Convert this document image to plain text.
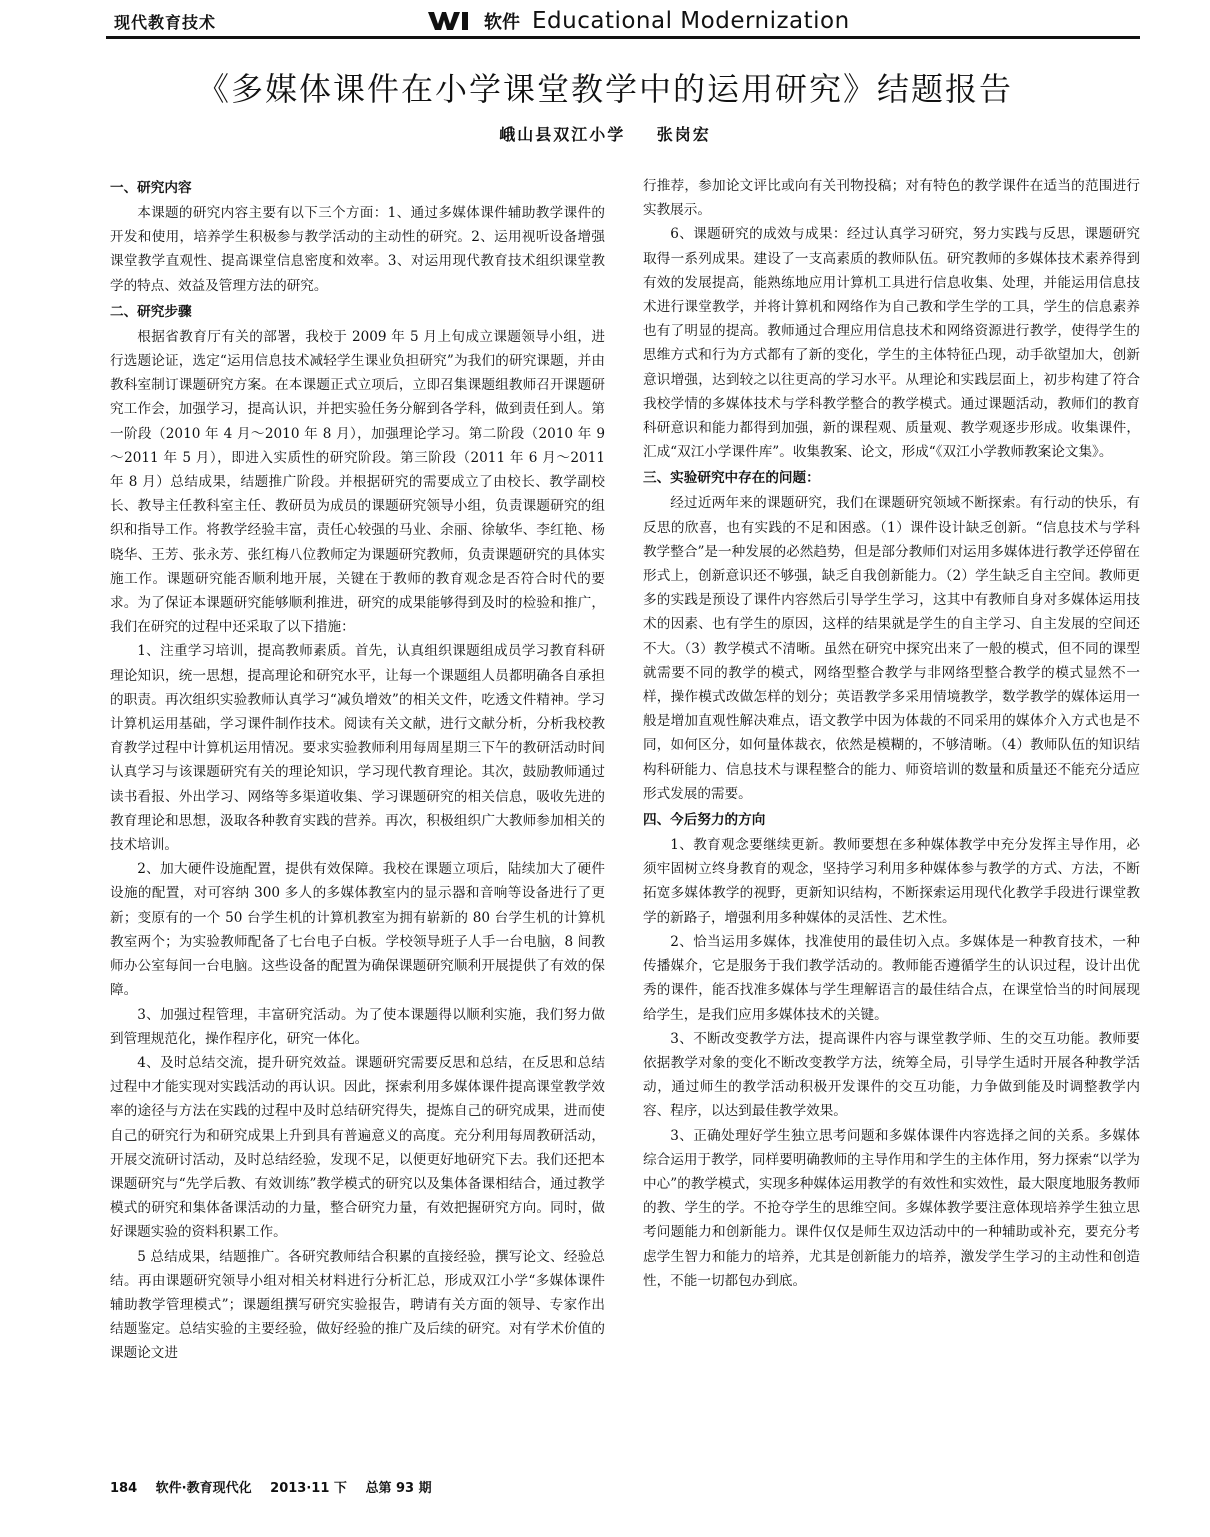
现代教育技术	软件 Educational Modernization
《多媒体课件在小学课堂教学中的运用研究》结题报告
峨山县双江小学 张岗宏
一、研究内容

本课题的研究内容主要有以下三个方面：1、通过多媒体课件辅助教学课件的开发和使用，培养学生积极参与教学活动的主动性的研究。2、运用视听设备增强课堂教学直观性、提高课堂信息密度和效率。3、对运用现代教育技术组织课堂教学的特点、效益及管理方法的研究。

二、研究步骤

根据省教育厅有关的部署，我校于 2009 年 5 月上旬成立课题领导小组，进行选题论证，选定“运用信息技术减轻学生课业负担研究”为我们的研究课题，并由教科室制订课题研究方案。在本课题正式立项后，立即召集课题组教师召开课题研究工作会，加强学习，提高认识，并把实验任务分解到各学科，做到责任到人。第一阶段（2010 年 4 月～2010 年 8 月），加强理论学习。第二阶段（2010 年 9～2011 年 5 月），即进入实质性的研究阶段。第三阶段（2011 年 6 月～2011 年 8 月）总结成果，结题推广阶段。并根据研究的需要成立了由校长、教学副校长、教导主任教科室主任、教研员为成员的课题研究领导小组，负责课题研究的组织和指导工作。将教学经验丰富，责任心较强的马业、余丽、徐敏华、李红艳、杨晓华、王芳、张永芳、张红梅八位教师定为课题研究教师，负责课题研究的具体实施工作。课题研究能否顺利地开展，关键在于教师的教育观念是否符合时代的要求。为了保证本课题研究能够顺利推进，研究的成果能够得到及时的检验和推广，我们在研究的过程中还采取了以下措施：

1、注重学习培训，提高教师素质。首先，认真组织课题组成员学习教育科研理论知识，统一思想，提高理论和研究水平，让每一个课题组人员都明确各自承担的职责。再次组织实验教师认真学习“减负增效”的相关文件，吃透文件精神。学习计算机运用基础，学习课件制作技术。阅读有关文献，进行文献分析，分析我校教育教学过程中计算机运用情况。要求实验教师利用每周星期三下午的教研活动时间认真学习与该课题研究有关的理论知识，学习现代教育理论。其次，鼓励教师通过读书看报、外出学习、网络等多渠道收集、学习课题研究的相关信息，吸收先进的教育理论和思想，汲取各种教育实践的营养。再次，积极组织广大教师参加相关的技术培训。

2、加大硬件设施配置，提供有效保障。我校在课题立项后，陆续加大了硬件设施的配置，对可容纳 300 多人的多媒体教室内的显示器和音响等设备进行了更新；变原有的一个 50 台学生机的计算机教室为拥有崭新的 80 台学生机的计算机教室两个；为实验教师配备了七台电子白板。学校领导班子人手一台电脑，8 间教师办公室每间一台电脑。这些设备的配置为确保课题研究顺利开展提供了有效的保障。

3、加强过程管理，丰富研究活动。为了使本课题得以顺利实施，我们努力做到管理规范化，操作程序化，研究一体化。

4、及时总结交流，提升研究效益。课题研究需要反思和总结，在反思和总结过程中才能实现对实践活动的再认识。因此，探索利用多媒体课件提高课堂教学效率的途径与方法在实践的过程中及时总结研究得失，提炼自己的研究成果，进而使自己的研究行为和研究成果上升到具有普遍意义的高度。充分利用每周教研活动，开展交流研讨活动，及时总结经验，发现不足，以便更好地研究下去。我们还把本课题研究与“先学后教、有效训练”教学模式的研究以及集体备课相结合，通过教学模式的研究和集体备课活动的力量，整合研究力量，有效把握研究方向。同时，做好课题实验的资料积累工作。

5 总结成果，结题推广。各研究教师结合积累的直接经验，撰写论文、经验总结。再由课题研究领导小组对相关材料进行分析汇总，形成双江小学“多媒体课件辅助教学管理模式”；课题组撰写研究实验报告，聘请有关方面的领导、专家作出结题鉴定。总结实验的主要经验，做好经验的推广及后续的研究。对有学术价值的课题论文进

行推荐，参加论文评比或向有关刊物投稿；对有特色的教学课件在适当的范围进行实教展示。

6、课题研究的成效与成果：经过认真学习研究，努力实践与反思，课题研究取得一系列成果。建设了一支高素质的教师队伍。研究教师的多媒体技术素养得到有效的发展提高，能熟练地应用计算机工具进行信息收集、处理，并能运用信息技术进行课堂教学，并将计算机和网络作为自己教和学生学的工具，学生的信息素养也有了明显的提高。教师通过合理应用信息技术和网络资源进行教学，使得学生的思维方式和行为方式都有了新的变化，学生的主体特征凸现，动手欲望加大，创新意识增强，达到较之以往更高的学习水平。从理论和实践层面上，初步构建了符合我校学情的多媒体技术与学科教学整合的教学模式。通过课题活动，教师们的教育科研意识和能力都得到加强，新的课程观、质量观、教学观逐步形成。收集课件，汇成“双江小学课件库”。收集教案、论文，形成“《双江小学教师教案论文集》。

三、实验研究中存在的问题：

经过近两年来的课题研究，我们在课题研究领域不断探索。有行动的快乐，有反思的欣喜，也有实践的不足和困惑。（1）课件设计缺乏创新。“信息技术与学科教学整合”是一种发展的必然趋势，但是部分教师们对运用多媒体进行教学还停留在形式上，创新意识还不够强，缺乏自我创新能力。（2）学生缺乏自主空间。教师更多的实践是预设了课件内容然后引导学生学习，这其中有教师自身对多媒体运用技术的因素、也有学生的原因，这样的结果就是学生的自主学习、自主发展的空间还不大。（3）教学模式不清晰。虽然在研究中探究出来了一般的模式，但不同的课型就需要不同的教学的模式，网络型整合教学与非网络型整合教学的模式显然不一样，操作模式改做怎样的划分；英语教学多采用情境教学，数学教学的媒体运用一般是增加直观性解决难点，语文教学中因为体裁的不同采用的媒体介入方式也是不同，如何区分，如何量体裁衣，依然是模糊的，不够清晰。（4）教师队伍的知识结构科研能力、信息技术与课程整合的能力、师资培训的数量和质量还不能充分适应形式发展的需要。

四、今后努力的方向

1、教育观念要继续更新。教师要想在多种媒体教学中充分发挥主导作用，必须牢固树立终身教育的观念，坚持学习利用多种媒体参与教学的方式、方法，不断拓宽多媒体教学的视野，更新知识结构，不断探索运用现代化教学手段进行课堂教学的新路子，增强利用多种媒体的灵活性、艺术性。

2、恰当运用多媒体，找准使用的最佳切入点。多媒体是一种教育技术，一种传播媒介，它是服务于我们教学活动的。教师能否遵循学生的认识过程，设计出优秀的课件，能否找准多媒体与学生理解语言的最佳结合点，在课堂恰当的时间展现给学生，是我们应用多媒体技术的关键。

3、不断改变教学方法，提高课件内容与课堂教学师、生的交互功能。教师要依据教学对象的变化不断改变教学方法，统筹全局，引导学生适时开展各种教学活动，通过师生的教学活动积极开发课件的交互功能，力争做到能及时调整教学内容、程序，以达到最佳教学效果。

3、正确处理好学生独立思考问题和多媒体课件内容选择之间的关系。多媒体综合运用于教学，同样要明确教师的主导作用和学生的主体作用，努力探索“以学为中心”的教学模式，实现多种媒体运用教学的有效性和实效性，最大限度地服务教师的教、学生的学。不抢夺学生的思维空间。多媒体教学要注意体现培养学生独立思考问题能力和创新能力。课件仅仅是师生双边活动中的一种辅助或补充，要充分考虑学生智力和能力的培养，尤其是创新能力的培养，激发学生学习的主动性和创造性，不能一切都包办到底。

184 软件·教育现代化 2013·11 下 总第 93 期
